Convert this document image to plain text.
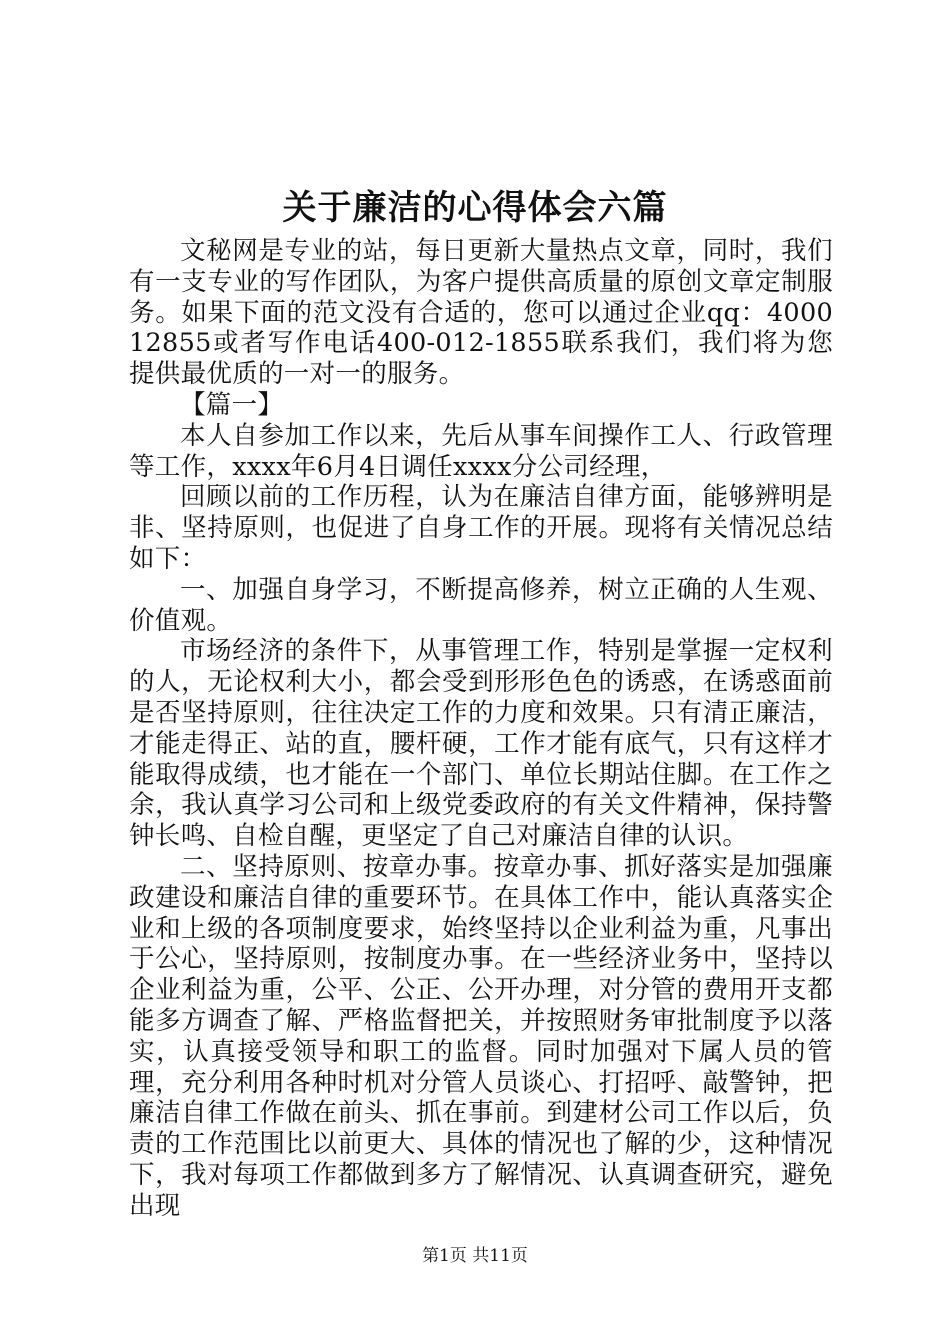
关于廉洁的心得体会六篇

文秘网是专业的站，每日更新大量热点文章，同时，我们有一支专业的写作团队，为客户提供高质量的原创文章定制服务。如果下面的范文没有合适的，您可以通过企业qq：400012855或者写作电话400-012-1855联系我们，我们将为您提供最优质的一对一的服务。

【篇一】

本人自参加工作以来，先后从事车间操作工人、行政管理等工作，xxxx年6月4日调任xxxx分公司经理，

回顾以前的工作历程，认为在廉洁自律方面，能够辨明是非、坚持原则，也促进了自身工作的开展。现将有关情况总结如下：

一、加强自身学习，不断提高修养，树立正确的人生观、价值观。

市场经济的条件下，从事管理工作，特别是掌握一定权利的人，无论权利大小，都会受到形形色色的诱惑，在诱惑面前是否坚持原则，往往决定工作的力度和效果。只有清正廉洁，才能走得正、站的直，腰杆硬，工作才能有底气，只有这样才能取得成绩，也才能在一个部门、单位长期站住脚。在工作之余，我认真学习公司和上级党委政府的有关文件精神，保持警钟长鸣、自检自醒，更坚定了自己对廉洁自律的认识。

二、坚持原则、按章办事。按章办事、抓好落实是加强廉政建设和廉洁自律的重要环节。在具体工作中，能认真落实企业和上级的各项制度要求，始终坚持以企业利益为重，凡事出于公心，坚持原则，按制度办事。在一些经济业务中，坚持以企业利益为重，公平、公正、公开办理，对分管的费用开支都能多方调查了解、严格监督把关，并按照财务审批制度予以落实，认真接受领导和职工的监督。同时加强对下属人员的管理，充分利用各种时机对分管人员谈心、打招呼、敲警钟，把廉洁自律工作做在前头、抓在事前。到建材公司工作以后，负责的工作范围比以前更大、具体的情况也了解的少，这种情况下，我对每项工作都做到多方了解情况、认真调查研究，避免出现

第1页 共11页
